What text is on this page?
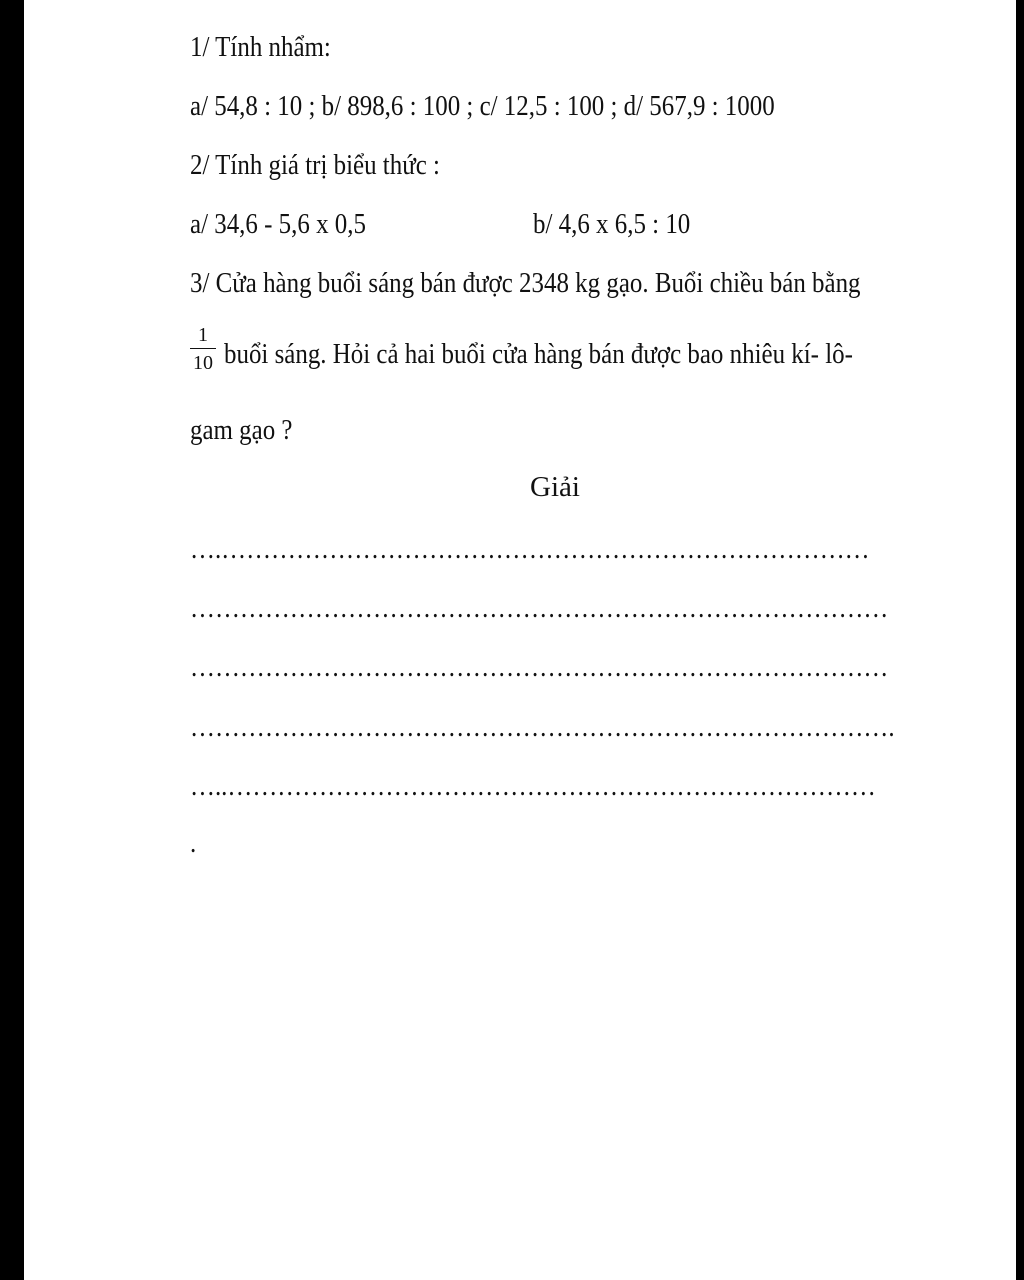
1/ Tính nhẩm:
a/ 54,8 : 10 ; b/ 898,6 : 100 ; c/ 12,5 : 100 ; d/ 567,9 : 1000
2/ Tính giá trị biểu thức :
a/ 34,6 - 5,6 x 0,5	b/ 4,6 x 6,5 : 10
3/ Cửa hàng buổi sáng bán được 2348 kg gạo. Buổi chiều bán bằng
$\frac{1}{10}$ buổi sáng. Hỏi cả hai buổi cửa hàng bán được bao nhiêu kí- lô-
gam gạo ?
Giải
….……………………………………………………………………
…………………………………………………………………………
…………………………………………………………………………
………………………………………………………………………….
…..……………………………………………………………………
.
